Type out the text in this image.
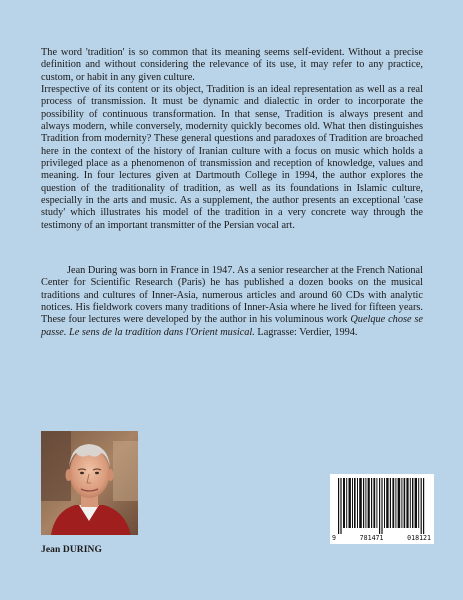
The word 'tradition' is so common that its meaning seems self-evident. Without a precise definition and without considering the relevance of its use, it may refer to any practice, custom, or habit in any given culture.

Irrespective of its content or its object, Tradition is an ideal representation as well as a real process of transmission. It must be dynamic and dialectic in order to incorporate the possibility of continuous transformation. In that sense, Tradition is always present and always modern, while conversely, modernity quickly becomes old. What then distinguishes Tradition from modernity? These general questions and paradoxes of Tradition are broached here in the context of the history of Iranian culture with a focus on music which holds a privileged place as a phenomenon of transmission and reception of knowledge, values and meaning. In four lectures given at Dartmouth College in 1994, the author explores the question of the traditionality of tradition, as well as its foundations in Islamic culture, especially in the arts and music. As a supplement, the author presents an exceptional 'case study' which illustrates his model of the tradition in a very concrete way through the testimony of an important transmitter of the Persian vocal art.

Jean During was born in France in 1947. As a senior researcher at the French National Center for Scientific Research (Paris) he has published a dozen books on the musical traditions and cultures of Inner-Asia, numerous articles and around 60 CDs with analytic notices. His fieldwork covers many traditions of Inner-Asia where he lived for fifteen years. These four lectures were developed by the author in his voluminous work Quelque chose se passe. Le sens de la tradition dans l'Orient musical. Lagrasse: Verdier, 1994.

Jean DURING
9	781471	018121
